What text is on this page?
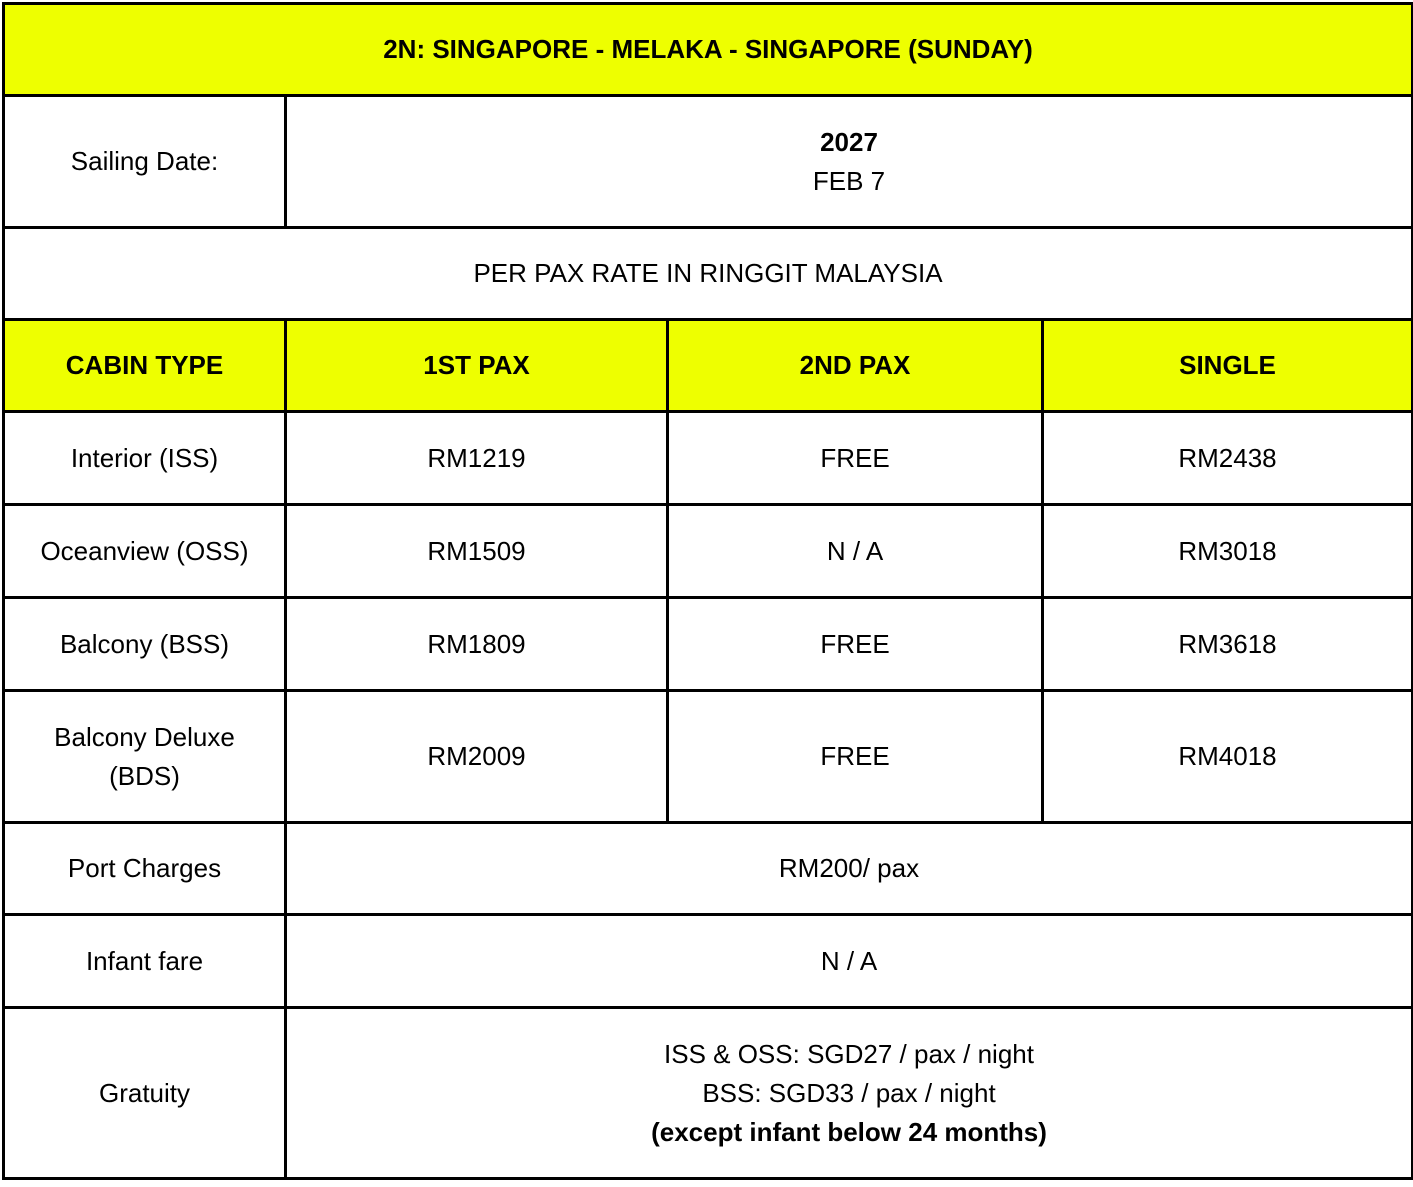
2N: SINGAPORE - MELAKA - SINGAPORE (SUNDAY)			
Sailing Date:	2027
FEB 7		

PER PAX RATE IN RINGGIT MALAYSIA			
CABIN TYPE	1ST PAX	2ND PAX	SINGLE
Interior (ISS)	RM1219	FREE	RM2438
Oceanview (OSS)	RM1509	N / A	RM3018
Balcony (BSS)	RM1809	FREE	RM3618

Balcony Deluxe
(BDS)	RM2009	FREE	RM4018
Port Charges	RM200/ pax		
Infant fare	N / A		
Gratuity	ISS & OSS: SGD27 / pax / night
BSS: SGD33 / pax / night
(except infant below 24 months)		
